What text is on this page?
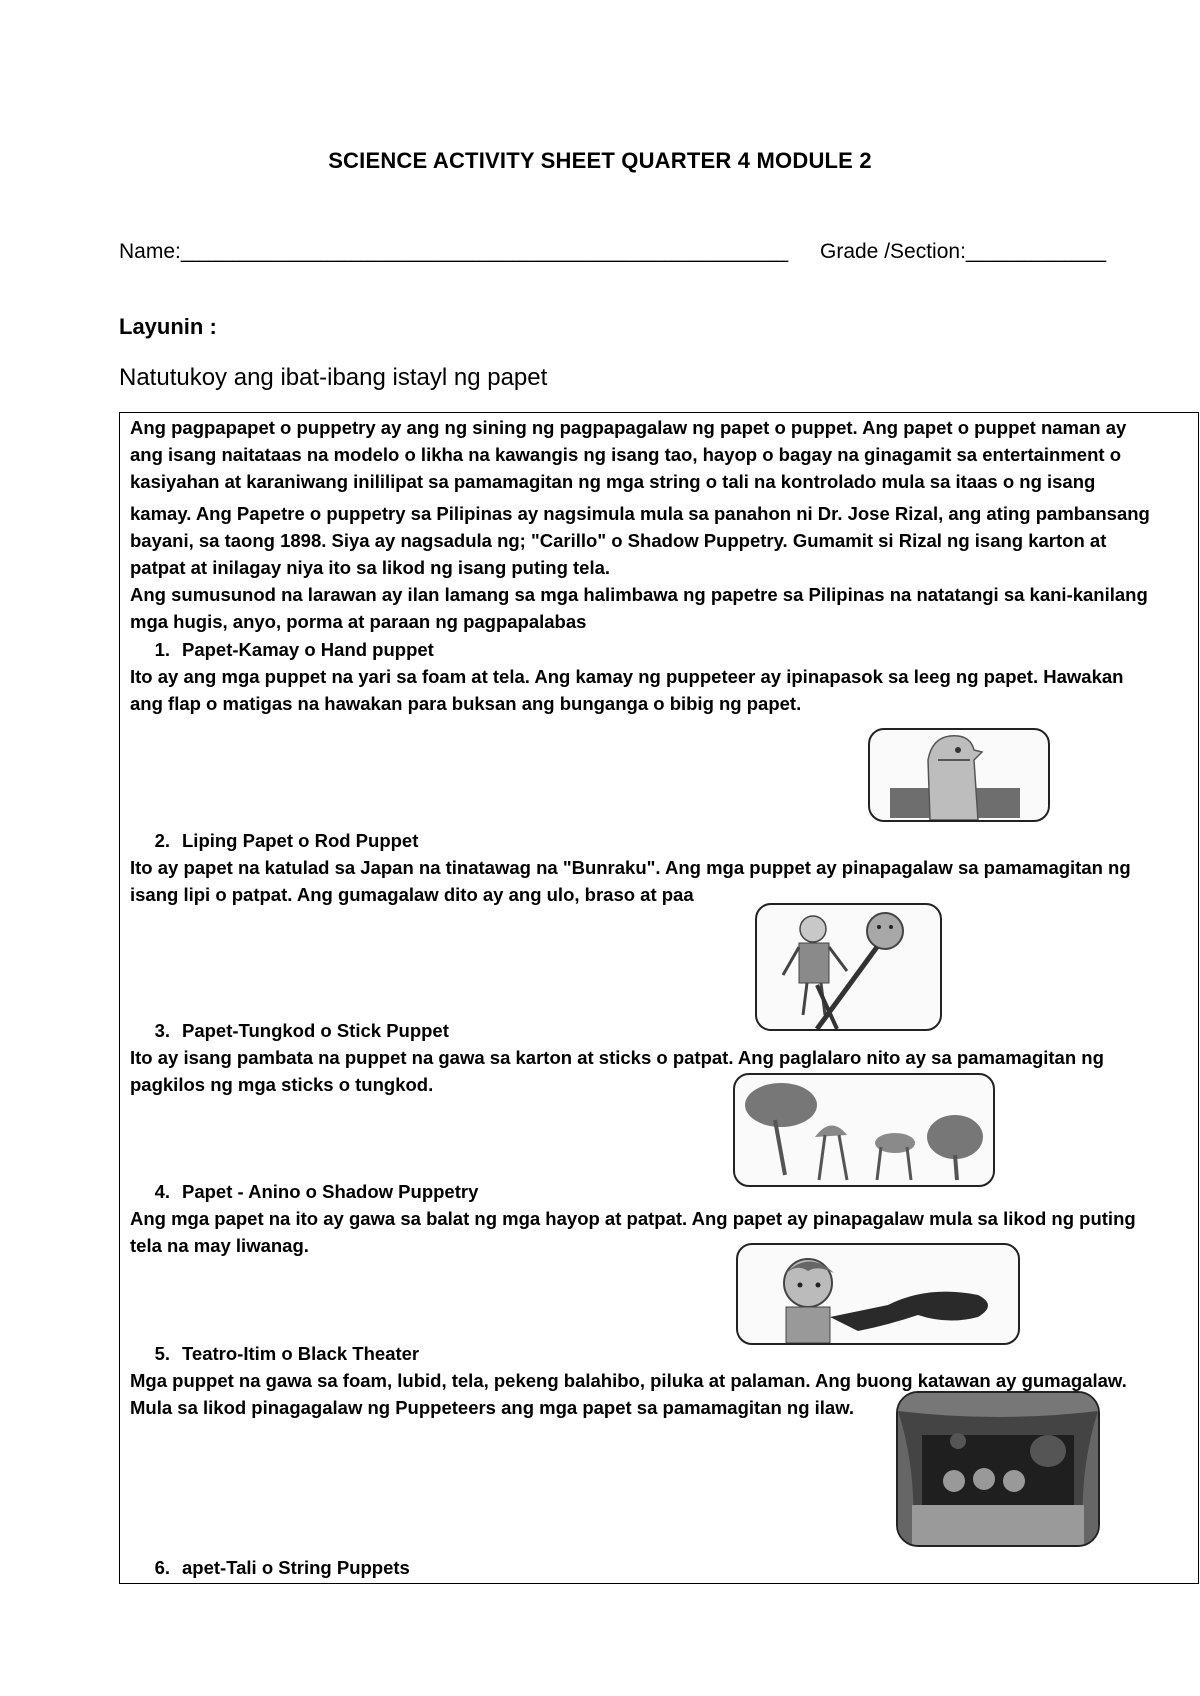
SCIENCE ACTIVITY SHEET QUARTER 4 MODULE 2
Name:____________________________________________________ Grade /Section:____________
Layunin :
Natutukoy ang ibat-ibang istayl ng papet
Ang pagpapapet o puppetry ay ang ng sining ng pagpapagalaw ng papet o puppet. Ang papet o puppet naman ay
ang isang naitataas na modelo o likha na kawangis ng isang tao, hayop o bagay na ginagamit sa entertainment o
kasiyahan at karaniwang inililipat sa pamamagitan ng mga string o tali na kontrolado mula sa itaas o ng isang
kamay. Ang Papetre o puppetry sa Pilipinas ay nagsimula mula sa panahon ni Dr. Jose Rizal, ang ating pambansang
bayani, sa taong 1898. Siya ay nagsadula ng; "Carillo" o Shadow Puppetry. Gumamit si Rizal ng isang karton at
patpat at inilagay niya ito sa likod ng isang puting tela.
Ang sumusunod na larawan ay ilan lamang sa mga halimbawa ng papetre sa Pilipinas na natatangi sa kani-kanilang
mga hugis, anyo, porma at paraan ng pagpapalabas
1. Papet-Kamay o Hand puppet
Ito ay ang mga puppet na yari sa foam at tela. Ang kamay ng puppeteer ay ipinapasok sa leeg ng papet. Hawakan
ang flap o matigas na hawakan para buksan ang bunganga o bibig ng papet.
2. Liping Papet o Rod Puppet
Ito ay papet na katulad sa Japan na tinatawag na "Bunraku". Ang mga puppet ay pinapagalaw sa pamamagitan ng
isang lipi o patpat. Ang gumagalaw dito ay ang ulo, braso at paa
3. Papet-Tungkod o Stick Puppet
Ito ay isang pambata na puppet na gawa sa karton at sticks o patpat. Ang paglalaro nito ay sa pamamagitan ng
pagkilos ng mga sticks o tungkod.
4. Papet - Anino o Shadow Puppetry
Ang mga papet na ito ay gawa sa balat ng mga hayop at patpat. Ang papet ay pinapagalaw mula sa likod ng puting
tela na may liwanag.
5. Teatro-Itim o Black Theater
Mga puppet na gawa sa foam, lubid, tela, pekeng balahibo, piluka at palaman. Ang buong katawan ay gumagalaw.
Mula sa likod pinagagalaw ng Puppeteers ang mga papet sa pamamagitan ng ilaw.
6. apet-Tali o String Puppets
